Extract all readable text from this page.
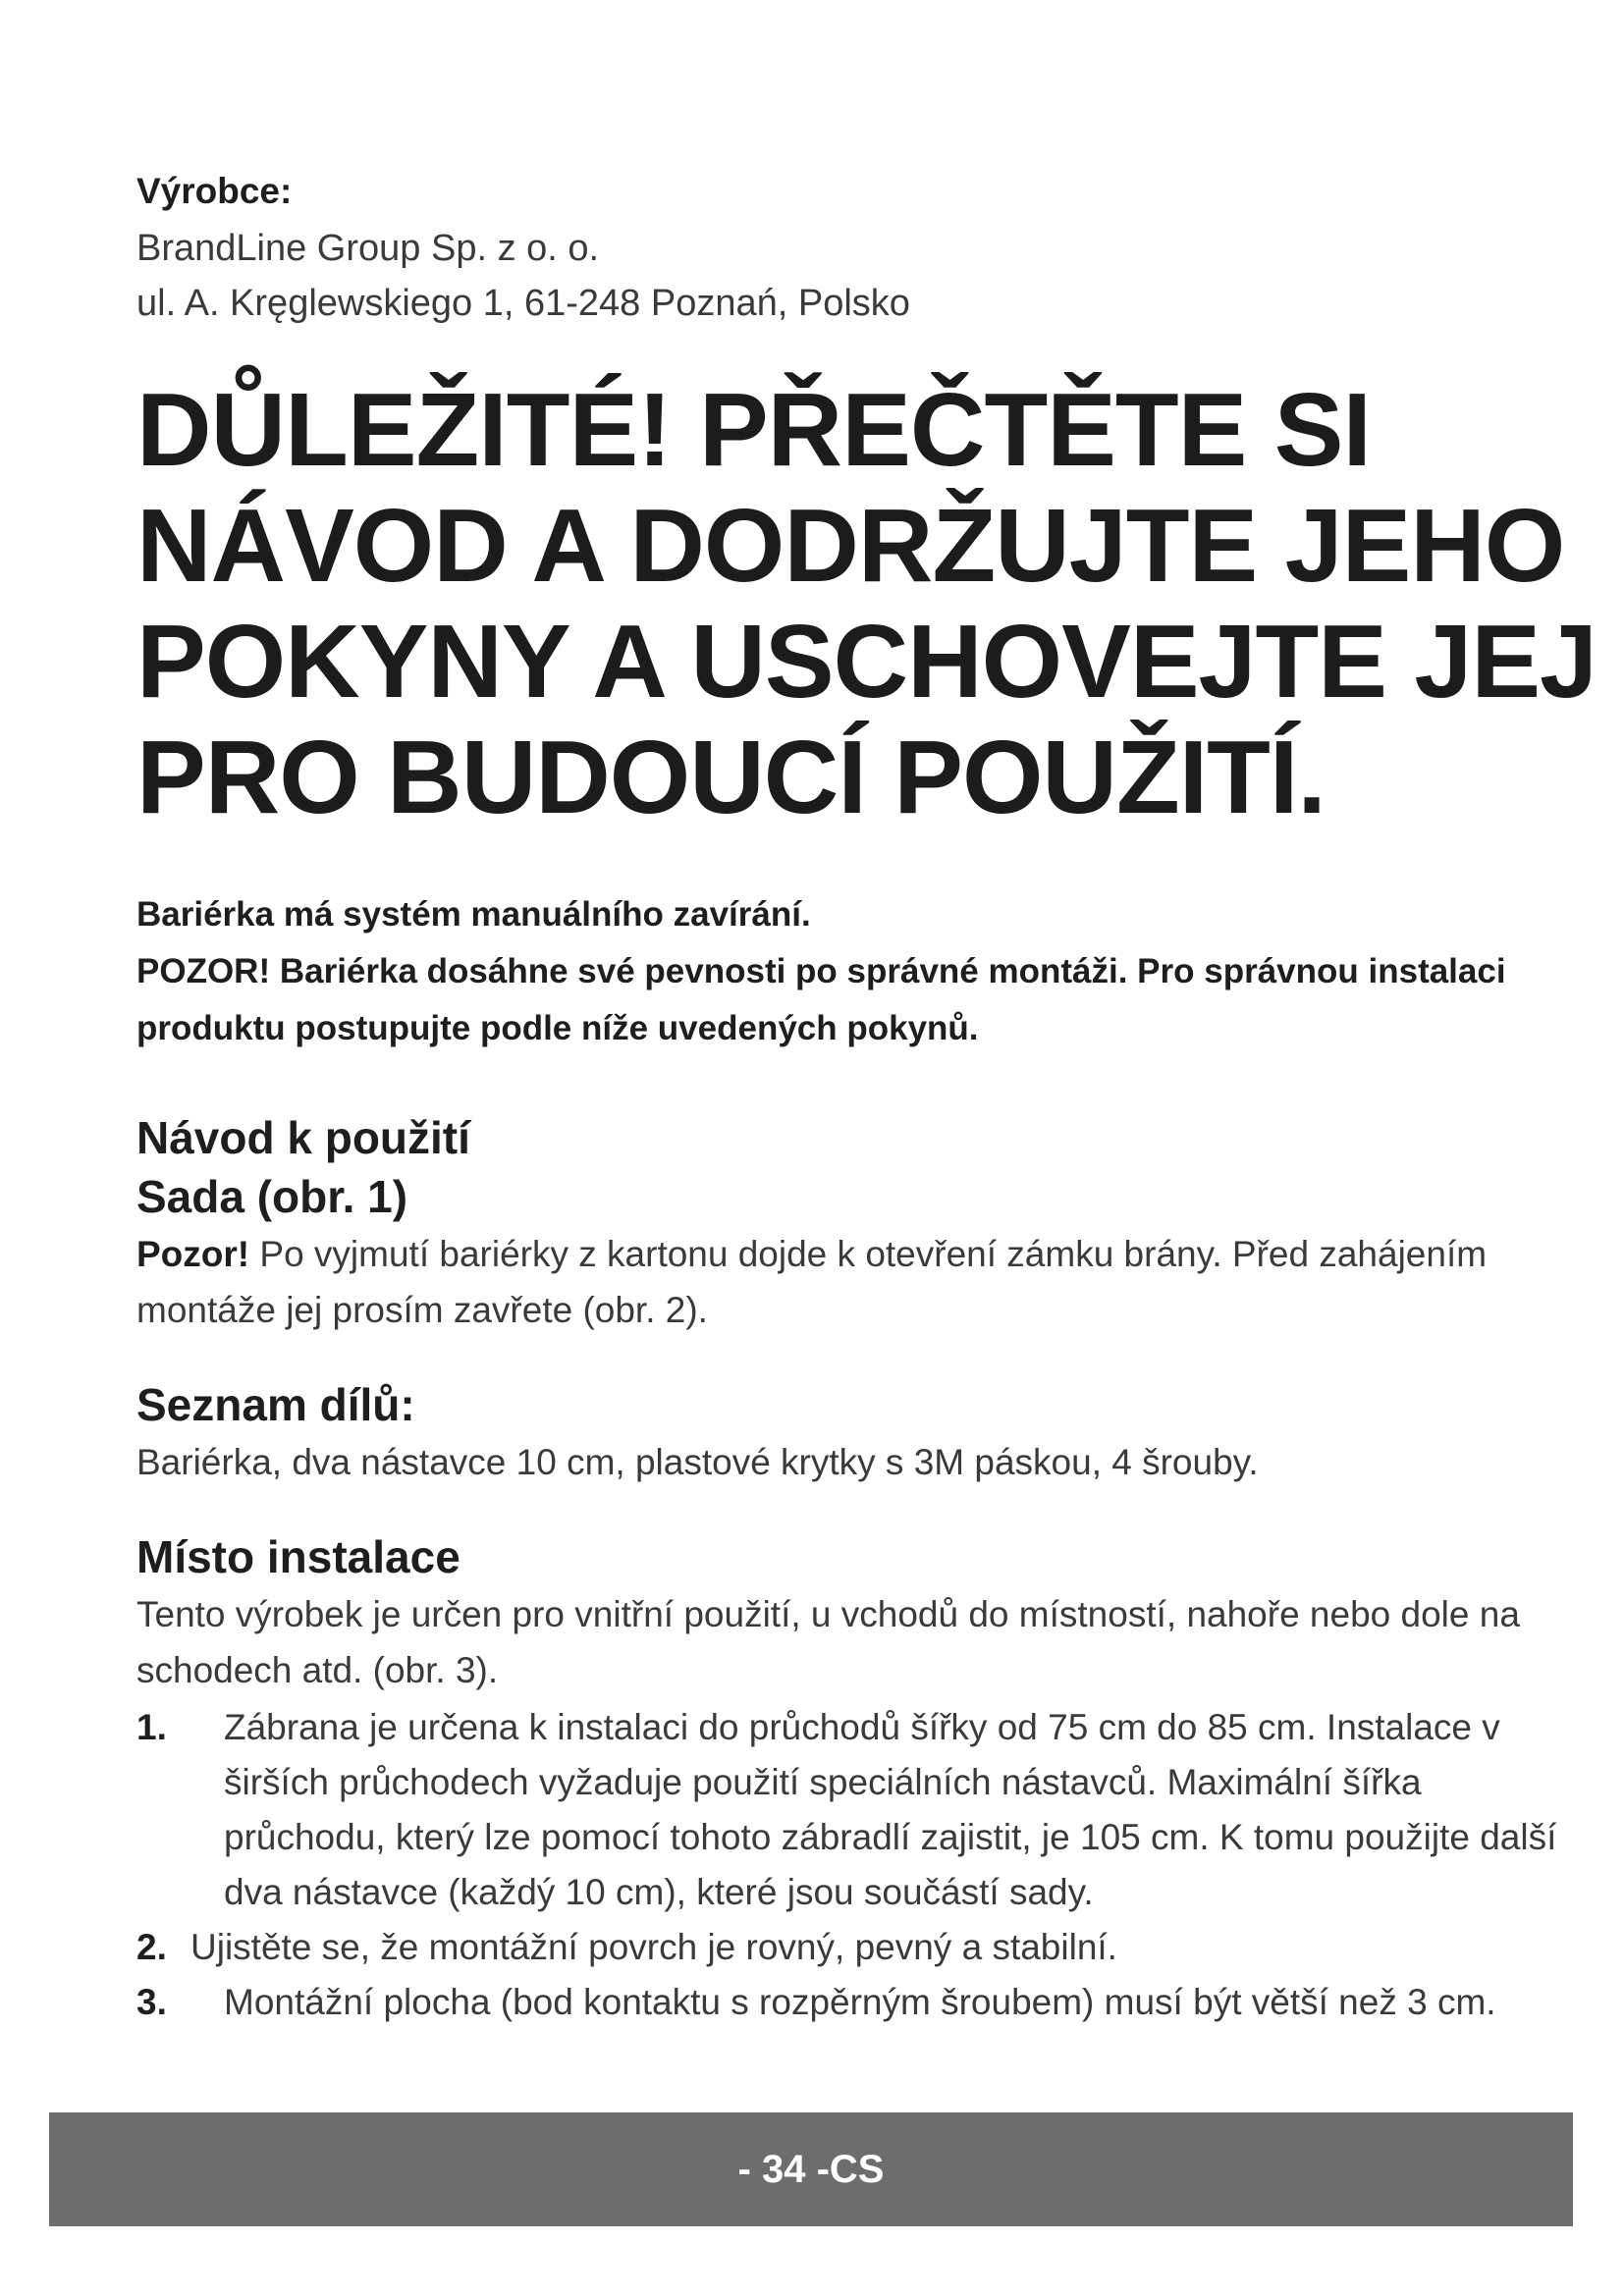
Výrobce:

BrandLine Group Sp. z o. o.

ul. A. Kręglewskiego 1, 61-248 Poznań, Polsko

DŮLEŽITÉ! PŘEČTĚTE SI
NÁVOD A DODRŽUJTE JEHO
POKYNY A USCHOVEJTE JEJ
PRO BUDOUCÍ POUŽITÍ.

Bariérka má systém manuálního zavírání.

POZOR! Bariérka dosáhne své pevnosti po správné montáži. Pro správnou instalaci produktu postupujte podle níže uvedených pokynů.

Návod k použití
Sada (obr. 1)

Pozor! Po vyjmutí bariérky z kartonu dojde k otevření zámku brány. Před zahájením montáže jej prosím zavřete (obr. 2).

Seznam dílů:

Bariérka, dva nástavce 10 cm, plastové krytky s 3M páskou, 4 šrouby.

Místo instalace

Tento výrobek je určen pro vnitřní použití, u vchodů do místností, nahoře nebo dole na schodech atd. (obr. 3).

1.	Zábrana je určena k instalaci do průchodů šířky od 75 cm do 85 cm. Instalace v širších průchodech vyžaduje použití speciálních nástavců. Maximální šířka průchodu, který lze pomocí tohoto zábradlí zajistit, je 105 cm. K tomu použijte další dva nástavce (každý 10 cm), které jsou součástí sady.
2. Ujistěte se, že montážní povrch je rovný, pevný a stabilní.
3.	Montážní plocha (bod kontaktu s rozpěrným šroubem) musí být větší než 3 cm.
- 34 -CS
